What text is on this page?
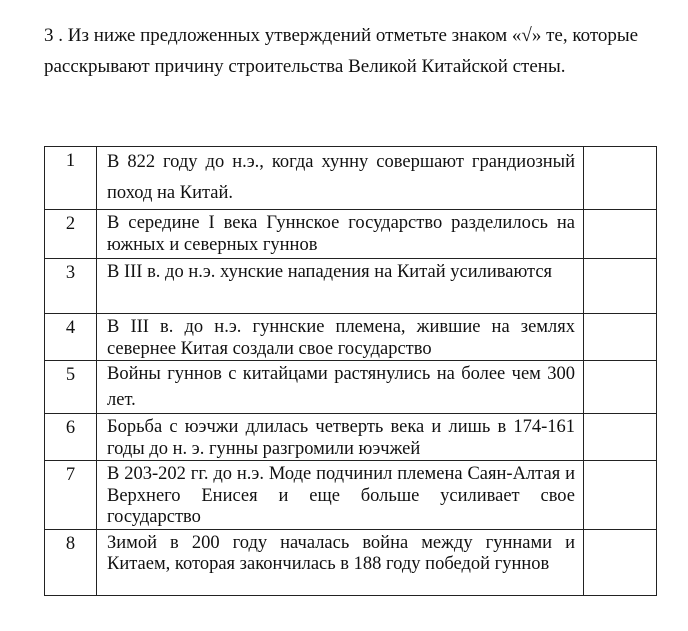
3 . Из ниже предложенных утверждений отметьте знаком «√» те, которые расскрывают причину строительства Великой Китайской стены.

1	В 822 году до н.э., когда хунну совершают грандиозный поход на Китай.	
2	В середине I века Гуннское государство разделилось на южных и северных гуннов	
3	В III в. до н.э. хунские нападения на Китай усиливаются	
4	В III в. до н.э. гуннские племена, жившие на землях севернее Китая создали свое государство	
5	Войны гуннов с китайцами растянулись на более чем 300 лет.	
6	Борьба с юэчжи длилась четверть века и лишь в 174-161 годы до н. э. гунны разгромили юэчжей	
7	В 203-202 гг. до н.э. Моде подчинил племена Саян-Алтая и Верхнего Енисея и еще больше усиливает свое государство	
8	Зимой в 200 году началась война между гуннами и Китаем, которая закончилась в 188 году победой гуннов	
